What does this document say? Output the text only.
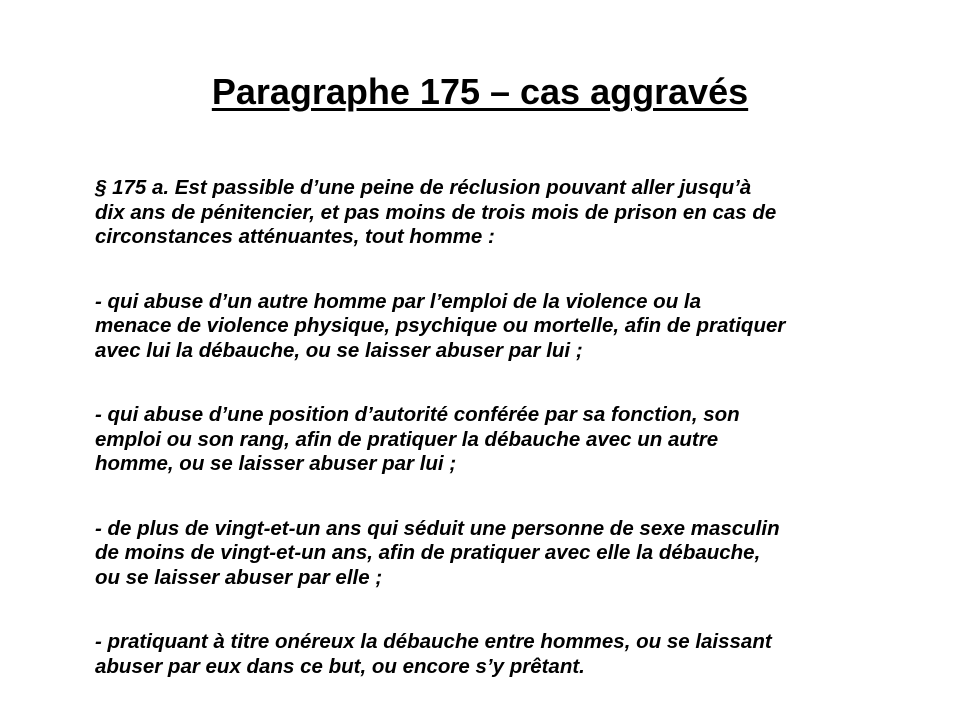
Paragraphe 175 – cas aggravés

§ 175 a. Est passible d’une peine de réclusion pouvant aller jusqu’à
dix ans de pénitencier, et pas moins de trois mois de prison en cas de
circonstances atténuantes, tout homme :

- qui abuse d’un autre homme par l’emploi de la violence ou la
menace de violence physique, psychique ou mortelle, afin de pratiquer
avec lui la débauche, ou se laisser abuser par lui ;

- qui abuse d’une position d’autorité conférée par sa fonction, son
emploi ou son rang, afin de pratiquer la débauche avec un autre
homme, ou se laisser abuser par lui ;

- de plus de vingt-et-un ans qui séduit une personne de sexe masculin
de moins de vingt-et-un ans, afin de pratiquer avec elle la débauche,
ou se laisser abuser par elle ;

- pratiquant à titre onéreux la débauche entre hommes, ou se laissant
abuser par eux dans ce but, ou encore s’y prêtant.
